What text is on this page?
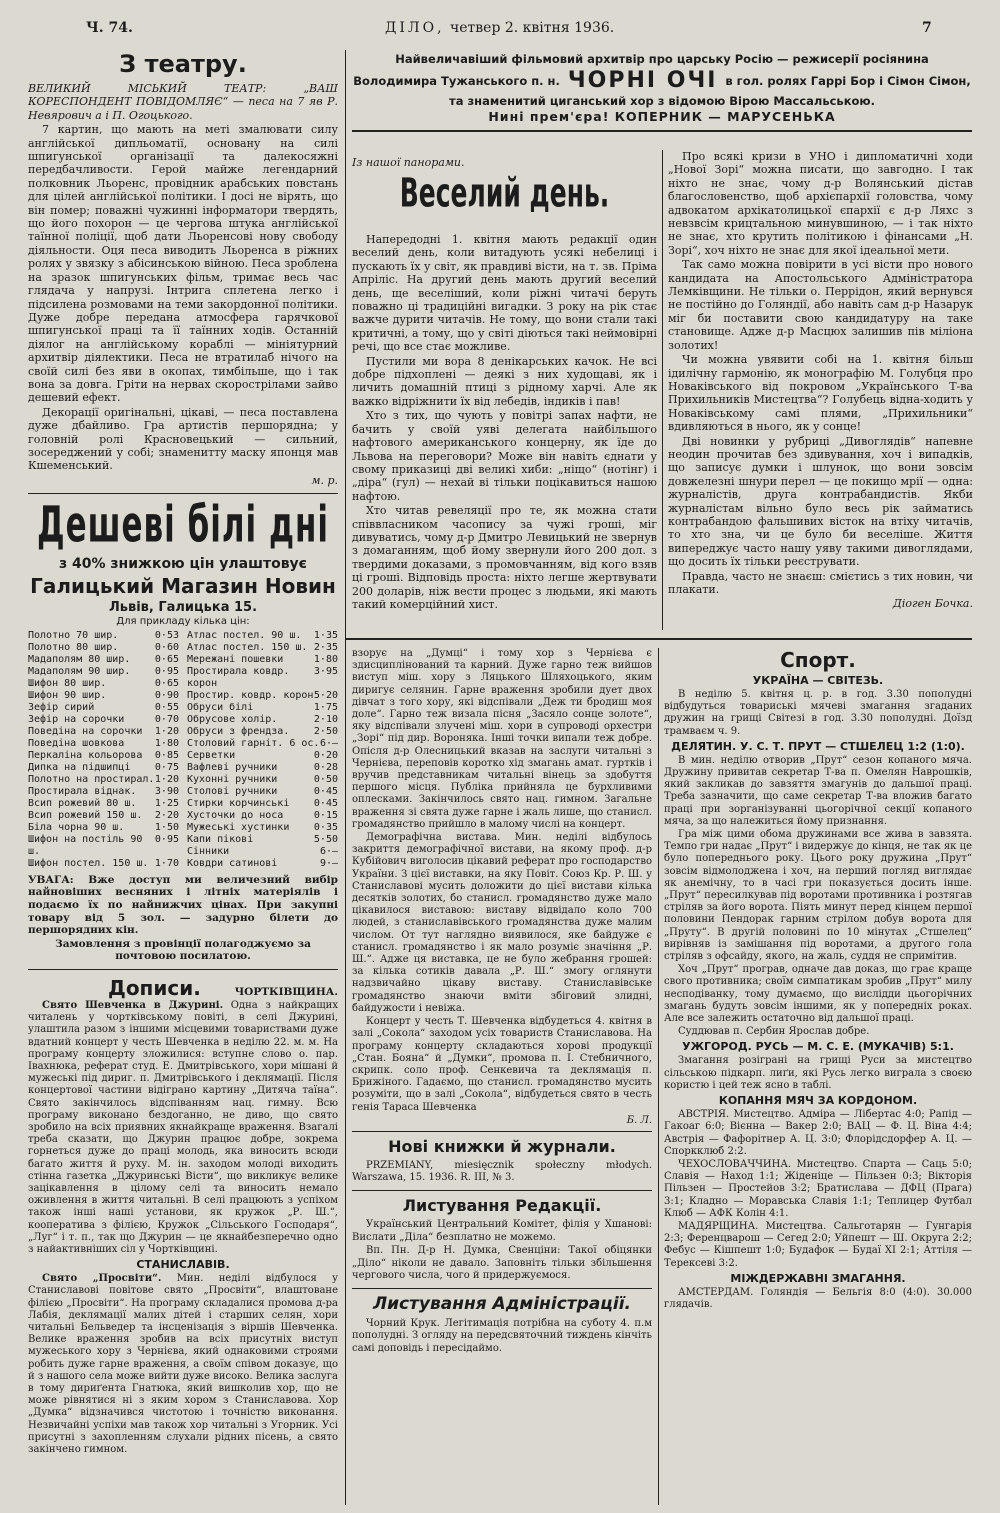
Ч. 74.	ДІЛО, четвер 2. квітня 1936.	7
З театру.

ВЕЛИКИЙ МІСЬКИЙ ТЕАТР: „ВАШ КОРЕСПОНДЕНТ ПОВІДОМЛЯЄ“ — песа на 7 яв Р. Невярович а і П. Огоцького.

7 картин, що мають на меті змалювати силу англійської дипльоматії, основану на силі шпигунської організації та далекосяжні передбачливости. Герой майже легендарний полковник Льоренс, провідник арабських повстань для цілей англійської політики. І досі не вірять, що він помер; поважні чужинні інформатори твердять, що його похорон — це чергова штука англійської таїнної поліції, щоб дати Льоренсові нову свободу діяльности. Оця песа виводить Льоренса в ріжних ролях у звязку з абісинською війною. Песа зроблена на зразок шпигунських фільм, тримає весь час глядача у напрузі. Інтрига сплетена легко і підсилена розмовами на теми закордонної політики. Дуже добре передана атмосфера гарячкової шпигунської праці та її таїнних ходів. Останній діялог на англійському кораблі — мініятурний архитвір діялектики. Песа не втратилаб нічого на своїй силі без яви в окопах, тимбільше, що і так вона за довга. Гріти на нервах скорострілами зайво дешевий ефект.

Декорації оригінальні, цікаві, — песа поставлена дуже дбайливо. Гра артистів першорядна; у головній ролі Красновецький — сильний, зосереджений у собі; знаменитту маску японця мав Кшеменський.

м. р.

Дешеві білі дні

з 40% знижкою цін улаштовує

Галицький Магазин Новин

Львів, Галицька 15.

Для прикладу кілька цін:

Полотно 70 шир.	0·53
Полотно 80 шир.	0·60
Мадаполям 80 шир. 0·65
Мадаполям 90 шир. 0·95
Шифон 80 шир.	0·65
Шифон 90 шир.	0·90
Зефір сирий	0·55
Зефір на сорочки	0·70
Поведіна на сорочки 1·20
Поведіна шовкова	1·80
Перкаліна кольорова 0·85
Дипка на підшипці 0·75
Полотно на простирал. 1·20
Простирала віднак. 3·90
Всип рожевий 80 ш. 1·25
Всип рожевий 150 ш. 2·20
Біла чорна 90 ш.	1·50
Шифон на постіль 90 ш.
0·95
Шифон постел. 150 ш. 1·70
Атлас постел. 90 ш. 1·35
Атлас постел. 150 ш. 2·35
Мережані пошевки	1·80
Простирала ковдр. корон
3·95
Простир. ковдр. корон 5·20
Обруси білі	1·75
Обрусове холір.	2·10
Обруси з френдза. 2·50
Столовий гарніт. 6 ос. 6·—
Серветки	0·20
Вафлеві ручники	0·28
Кухонні ручники	0·50
Столові ручники	0·45
Стирки корчинські 0·45
Хусточки до носа	0·15
Мужеські хустинки 0·35
Капи пікові	5·50
Сінники	6·—
Ковдри сатинові	9·—

УВАГА: Вже доступ ми величезний вибір найновіших весняних і літніх матеріялів і подаємо їх по найнижчих цінах. При закупні товару від 5 зол. — задурно білети до першорядних кін.

Замовлення з провінції полагоджуємо за почтовою посилатою.

Дописи.	ЧОРТКІВЩИНА.

Свято Шевченка в Джурині. Одна з найкращих читалень у чортківському повіті, в селі Джурині, улаштила разом з іншими місцевими товариствами дуже вдатний концерт у честь Шевченка в неділю 22. м. м. На програму концерту зложилися: вступне слово о. пар. Івахнюка, реферат студ. Е. Дмитрівського, хори мішані й мужеські під дириг. п. Дмитрівського і деклямації. Після концертової частини відіграно картину „Дитяча таїна“. Свято закінчилось відспіванням нац. гимну. Всю програму виконано бездоганно, не диво, що свято зробило на всіх приявних якнайкраще враження. Взагалі треба сказати, що Джурин працює добре, зокрема горнеться дуже до праці молодь, яка виносить всюди багато життя й руху. М. ін. заходом молоді виходить стінна газетка „Джуринські Вісти“, що викликує велике зацікавлення в цілому селі та виносить немало оживлення в життя читальні. В селі працюють з успіхом також інші наші установи, як кружок „Р. Ш.“, кооператива з філією, Кружок „Сільського Господаря“, „Луг“ і т. п., так що Джурин — це якнайбезперечно одно з найактивніших сіл у Чортківщині.

СТАНИСЛАВІВ.

Свято „Просвіти“. Мин. неділі відбулося у Станиславові повітове свято „Просвіти“, влаштоване філією „Просвіти“. На програму складалися промова д-ра Лабія, деклямації малих дітей і старших селян, хори читальні Бельведер та інсценізація з віршів Шевченка. Велике враження зробив на всіх присутніх виступ мужеського хору з Чернієва, який однаковими строями робить дуже гарне враження, а своїм співом доказує, що й з нашого села може вийти дуже високо. Велика заслуга в тому дириґента Гнатюка, який вишколив хор, що не може рівнятися ні з яким хором з Станиславова. Хор „Думка“ відзначився чистотою і точністю виконання. Незвичайні успіхи мав також хор читальні з Угорник. Усі присутні з захопленням слухали рідних пісень, а свято закінчено гимном.

Найвеличавіший фільмовий архитвір про царську Росію — режисерії росіянина

Володимира Тужанського п. н. ЧОРНІ ОЧІ в гол. ролях Гаррі Бор і Сімон Сімон,

та знаменитий циганський хор з відомою Вірою Массальською.

Нині прем'єра! КОПЕРНИК — МАРУСЕНЬКА

Із нашої панорами.

Веселий день.

Напередодні 1. квітня мають редакції один веселий день, коли витадують усякі небелиці і пускають їх у світ, як правдиві вісти, на т. зв. Пріма Апріліс. На другий день мають другий веселий день, ще веселіший, коли ріжні читачі беруть поважно ці традиційні вигадки. З року на рік стає важче дурити читачів. Не тому, що вони стали такі критичні, а тому, що у світі діються такі неймовірні речі, що все стає можливе.

Пустили ми вора 8 денікарських качок. Не всі добре підхоплені — деякі з них худощаві, як і личить домашній птиці з рідному харчі. Але як важко відріжнити їх від лебедів, індиків і пав!

Хто з тих, що чують у повітрі запах нафти, не бачить у своїй уяві делегата найбільшого нафтового американського концерну, як їде до Львова на переговори? Може він навіть єднати у свому приказиці дві великі хиби: „ніщо“ (нотінг) і „діра“ (гул) — нехай ві тільки поцікавиться нашою нафтою.

Хто читав ревеляції про те, як можна стати співвласником часопису за чужі гроші, міг дивуватись, чому д-р Дмитро Левицький не звернув з домаганням, щоб йому звернули його 200 дол. з твердими доказами, з промовчанням, від кого взяв ці гроші. Відповідь проста: ніхто легше жертвувати 200 доларів, ніж вести процес з людьми, які мають такий комерційний хист.

Про всякі кризи в УНО і дипломатичні ходи „Нової Зорі“ можна писати, що завгодно. І так ніхто не знає, чому д-р Волянський дістав благословенство, щоб архієпархії головства, чому адвокатом архікатолицької єпархії є д-р Ляхс з невзвсім крицтальною минувшиною, — і так ніхто не знає, хто крутить політикою і фінансами „Н. Зорі“, хоч ніхто не знає для якої ідеальної мети.

Так само можна повірити в усі вісти про нового кандидата на Апостольського Адміністратора Лемківщини. Не тільки о. Перрідон, який вернувся не постійно до Голяндії, або навіть сам д-р Назарук міг би поставити свою кандидатуру на таке становище. Адже д-р Масцюх залишив пів міліона золотих!

Чи можна увявити собі на 1. квітня більш ідилічну гармонію, як монографію М. Голубця про Новаківського від покровом „Українського Т-ва Прихильників Мистецтва“? Голубець відна-ходить у Новаківському самі плями, „Прихильники“ вдивляються в нього, як у сонце!

Дві новинки у рубриці „Дивоглядів“ напевне неодин прочитав без здивування, хоч і випадків, що записує думки і шлунок, що вони зовсім довжелезні шнури перел — це покищо мрії — одна: журналістів, друга контрабандистів. Якби журналістам вільно було весь рік займатись контрабандою фальшивих вісток на втіху читачів, то хто зна, чи це було би веселіше. Життя випереджує часто нашу уяву такими дивоглядами, що досить їх тільки реєструвати.

Правда, часто не знаєш: смієтись з тих новин, чи плакати.

Діоген Бочка.

взорує на „Думці“ і тому хор з Чернієва є здисциплінований та карний. Дуже гарно теж вийшов виступ міш. хору з Ляцького Шляхоцького, яким диригує селянин. Гарне враження зробили дует двох дівчат з того хору, які відспівали „Деж ти бродиш моя доле“. Гарно теж визала пісня „Засяло сонце золоте“, яку відспівали злучені міш. хори в супроводі орхестри „Зорі“ під дир. Вороняка. Інші точки випали теж добре. Опісля д-р Олесницький вказав на заслуги читальні з Чернієва, переповів коротко хід змагань амат. гуртків і вручив представникам читальні вінець за здобуття першого місця. Публіка прийняла це бурхливими оплесками. Закінчилось свято нац. гимном. Загальне враження зі свята дуже гарне і жаль лише, що станисл. громадянство прийшло в малому числі на концерт.

Демографічна вистава. Мин. неділі відбулось закриття демографічної вистави, на якому проф. д-р Кубійович виголосив цікавий реферат про господарство України. З цієї виставки, на яку Повіт. Союз Кр. Р. Ш. у Станиславові мусить доложити до цієї вистави кілька десятків золотих, бо станисл. громадянство дуже мало цікавилося виставою: виставу відвідало коло 700 людей, з станиславівського громадянства дуже малим числом. От тут наглядно виявилося, яке байдуже є станисл. громадянство і як мало розуміє значіння „Р. Ш.“. Адже ця виставка, це не було жебрання грошей: за кілька сотиків давала „Р. Ш.“ змогу оглянути надзвичайно цікаву виставу. Станиславівське громадянство знаючи вміти збіговий злидні, байдужости і невіжа.

Концерт у честь Т. Шевченка відбудеться 4. квітня в залі „Сокола“ заходом усіх товариств Станиславова. На програму концерту складаються хорові продукції „Стан. Бояна“ й „Думки“, промова п. І. Стебничного, скрипк. соло проф. Сенкевича та деклямація п. Брижіного. Гадаємо, що станисл. громадянство мусить розуміти, що в залі „Сокола“, відбудеться свято в честь генія Тараса Шевченка

Б. Л.

Нові книжки й журнали.

PRZEMIANY, miesięcznik społeczny młodych. Warszawa, 15. 1936. R. III, № 3.

Листування Редакції.

Український Центральний Комітет, філія у Хшанові: Вислати „Діла“ безплатно не можемо.

Вп. Пн. Д-р Н. Думка, Свенціни: Такої обіцянки „Діло“ ніколи не давало. Заповніть тільки збільшення чергового числа, чого й придержуємося.

Листування Адміністрації.

Чорний Крук. Легітимація потрібна на суботу 4. п.м пополудні. З огляду на передсвяточний тиждень кінчіть самі доповідь і пересідаймо.

Спорт.

УКРАЇНА — СВІТЕЗЬ.

В неділю 5. квітня ц. р. в год. 3.30 пополудні відбудуться товариські мячеві змагання згаданих дружин на грищі Світезі в год. 3.30 пополудні. Доїзд трамваєм ч. 9.

ДЕЛЯТИН. У. С. Т. ПРУТ — СТШЕЛЕЦ 1:2 (1:0).

В мин. неділю отворив „Прут“ сезон копаного мяча. Дружину привитав секретар Т-ва п. Омелян Наврошків, який закликав до завзяття змагунів до дальшої праці. Треба зазначити, що саме секретар Т-ва вложив багато праці при зорганізуванні цьогорічної секції копаного мяча, за що належиться йому признання.

Гра між цими обома дружинами все жива в завзята. Темпо гри надає „Прут“ і видержує до кінця, не так як це було попереднього року. Цього року дружина „Прут“ зовсім відмолоджена і хоч, на перший погляд виглядає як анемічну, то в часі гри показується досить інше. „Прут“ пересилкував під воротами противника і розтягав стріляв за його ворота. Піять минут перед кінцем першої половини Пендорак гарним стрілом добув ворота для „Пруту“. В другій половині по 10 мінутах „Стшелец“ вирівняв із замішання під воротами, а другого гола стріляв з офсайду, якого, на жаль, суддя не спримітив.

Хоч „Прут“ програв, одначе дав доказ, що грає краще свого противника; своїм симпатикам зробив „Прут“ милу несподіванку, тому думаємо, що вислідди цьогорічних змагань будуть зовсім іншими, як у попередніх роках. Але все залежить остаточно від дальшої праці.

Суддював п. Сербин Ярослав добре.

УЖГОРОД. РУСЬ — М. С. Е. (МУКАЧІВ) 5:1.

Змагання розіграні на грищі Руси за мистецтво сільською підкарп. лиґи, які Русь легко виграла з своєю користю і цей теж ясно в таблі.

КОПАННЯ МЯЧ ЗА КОРДОНОМ.

АВСТРІЯ. Мистецтво. Адміра — Лібертас 4:0; Рапід — Гакоаг 6:0; Вієнна — Вакер 2:0; ВАЦ — Ф. Ц. Віна 4:4; Австрія — Фафорітнер А. Ц. 3:0; Флорідсдорфер А. Ц. — Споркклюб 2:2.

ЧЕХОСЛОВАЧЧИНА. Мистецтво. Спарта — Саць 5:0; Славія — Наход 1:1; Жіденіце — Пільзен 0:3; Вікторія Пільзен — Простейов 3:2; Братислава — ДФЦ (Прага) 3:1; Кладно — Моравська Славія 1:1; Теплицер Футбал Клюб — АФК Колін 4:1.

МАДЯРЩИНА. Мистецтва. Сальготарян — Гунгарія 2:3; Ференцварош — Сегед 2:0; Уйпешт — Ш. Округа 2:2; Фебус — Кішпешт 1:0; Будафок — Будаї XI 2:1; Аттіля — Терексеві 3:2.

МІЖДЕРЖАВНІ ЗМАГАННЯ.

АМСТЕРДАМ. Голяндія — Бельгія 8:0 (4:0). 30.000 глядачів.
